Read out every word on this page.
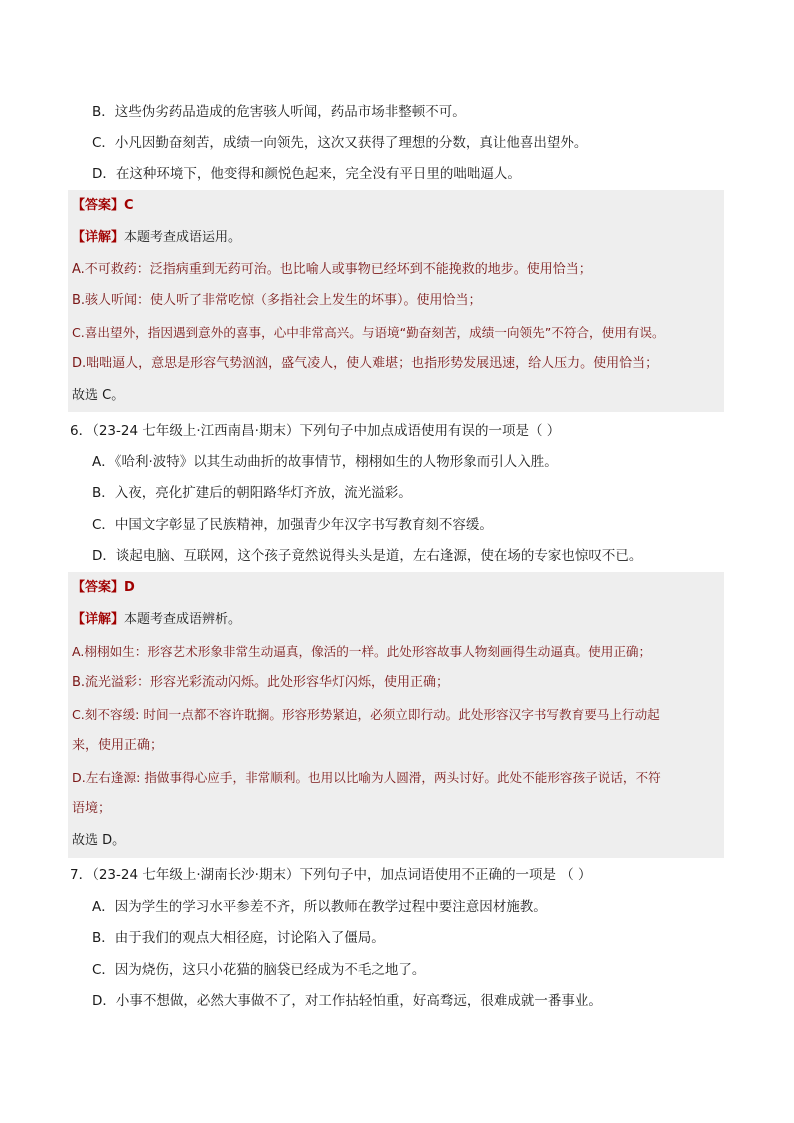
B．这些伪劣药品造成的危害骇人听闻，药品市场非整顿不可。
C．小凡因勤奋刻苦，成绩一向领先，这次又获得了理想的分数，真让他喜出望外。
D．在这种环境下，他变得和颜悦色起来，完全没有平日里的咄咄逼人。
【答案】C
【详解】本题考查成语运用。
A.不可救药：泛指病重到无药可治。也比喻人或事物已经坏到不能挽救的地步。使用恰当；
B.骇人听闻：使人听了非常吃惊（多指社会上发生的坏事）。使用恰当；
C.喜出望外，指因遇到意外的喜事，心中非常高兴。与语境“勤奋刻苦，成绩一向领先”不符合，使用有误。
D.咄咄逼人，意思是形容气势汹汹，盛气凌人，使人难堪；也指形势发展迅速，给人压力。使用恰当；
故选 C。
6．（23-24 七年级上·江西南昌·期末）下列句子中加点成语使用有误的一项是（ ）
A．《哈利·波特》以其生动曲折的故事情节，栩栩如生的人物形象而引人入胜。
B．入夜，亮化扩建后的朝阳路华灯齐放，流光溢彩。
C．中国文字彰显了民族精神，加强青少年汉字书写教育刻不容缓。
D．谈起电脑、互联网，这个孩子竟然说得头头是道，左右逢源，使在场的专家也惊叹不已。
【答案】D
【详解】本题考查成语辨析。
A.栩栩如生：形容艺术形象非常生动逼真，像活的一样。此处形容故事人物刻画得生动逼真。使用正确；
B.流光溢彩：形容光彩流动闪烁。此处形容华灯闪烁，使用正确；
C.刻不容缓: 时间一点都不容许耽搁。形容形势紧迫，必须立即行动。此处形容汉字书写教育要马上行动起
来，使用正确；
D.左右逢源: 指做事得心应手，非常顺利。也用以比喻为人圆滑，两头讨好。此处不能形容孩子说话，不符
语境；
故选 D。
7．（23-24 七年级上·湖南长沙·期末）下列句子中，加点词语使用不正确的一项是 （ ）
A．因为学生的学习水平参差不齐，所以教师在教学过程中要注意因材施教。
B．由于我们的观点大相径庭，讨论陷入了僵局。
C．因为烧伤，这只小花猫的脑袋已经成为不毛之地了。
D．小事不想做，必然大事做不了，对工作拈轻怕重，好高骛远，很难成就一番事业。
